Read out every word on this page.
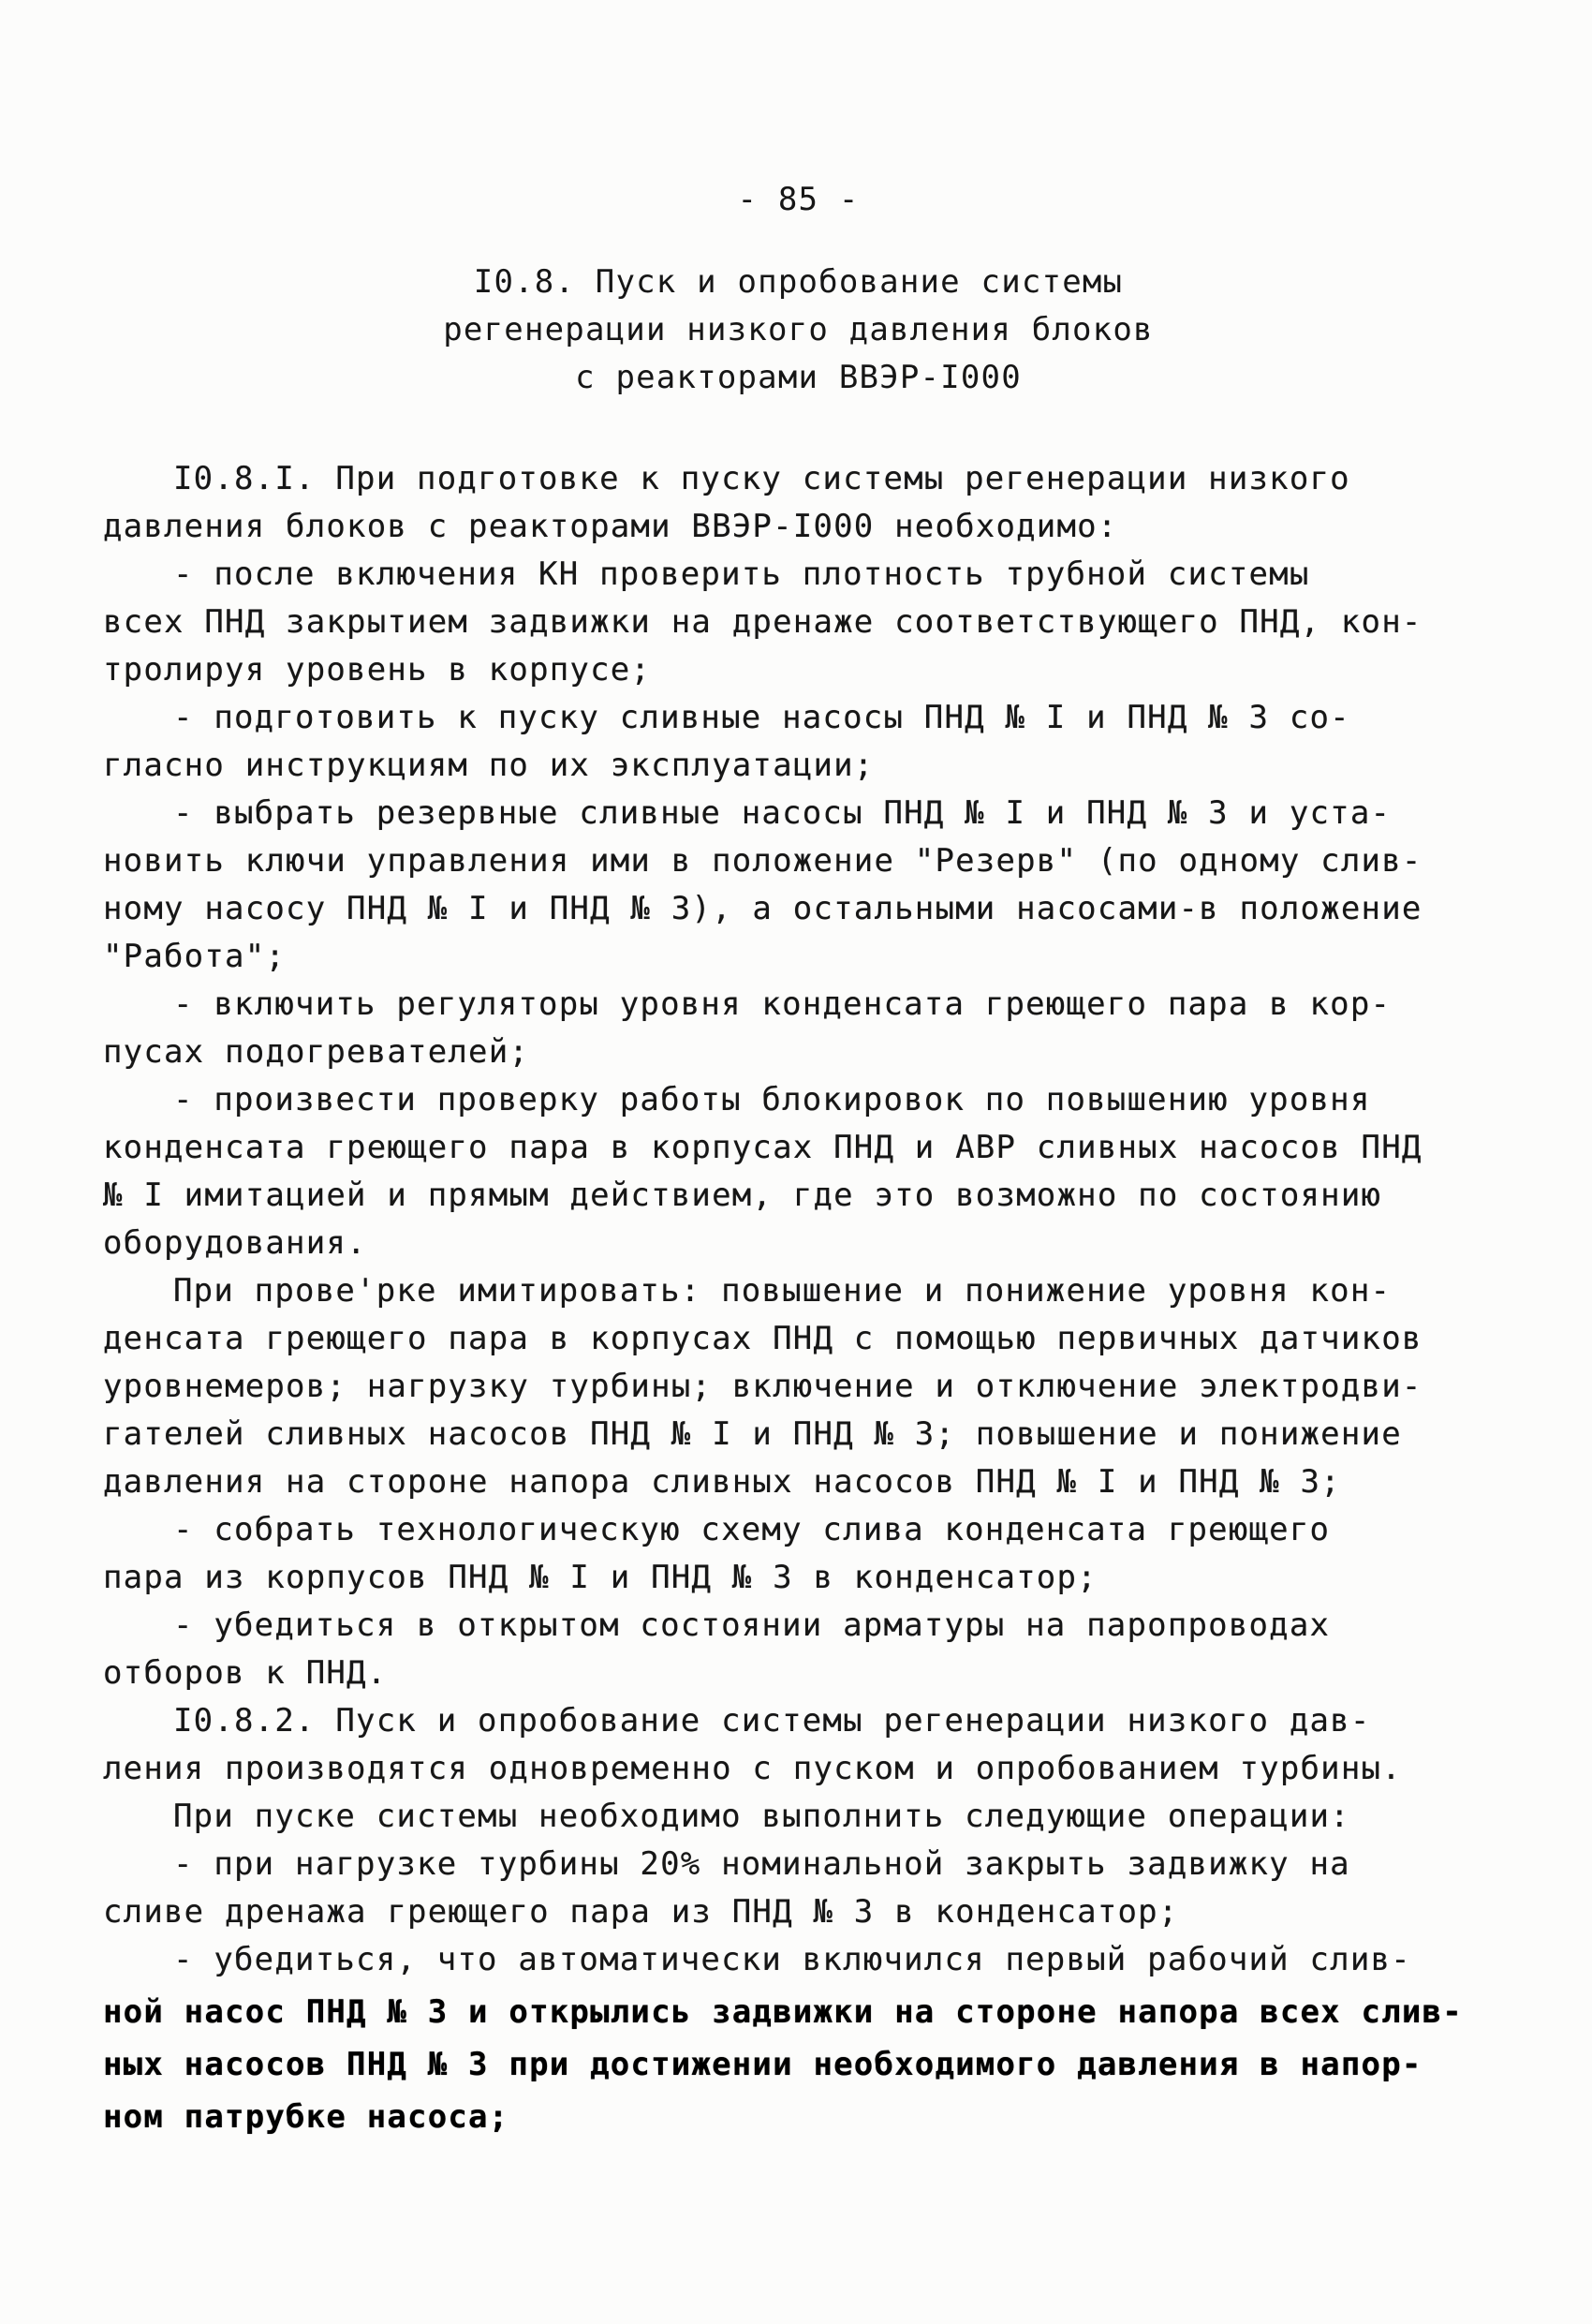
- 85 -
I0.8. Пуск и опробование системы
регенерации низкого давления блоков
с реакторами ВВЭР-I000
I0.8.I. При подготовке к пуску системы регенерации низкого
давления блоков с реакторами ВВЭР-I000 необходимо:
- после включения КН проверить плотность трубной системы
всех ПНД закрытием задвижки на дренаже соответствующего ПНД, кон-
тролируя уровень в корпусе;
- подготовить к пуску сливные насосы ПНД № I и ПНД № 3 со-
гласно инструкциям по их эксплуатации;
- выбрать резервные сливные насосы ПНД № I и ПНД № 3 и уста-
новить ключи управления ими в положение "Резерв" (по одному слив-
ному насосу ПНД № I и ПНД № 3), а остальными насосами-в положение
"Работа";
- включить регуляторы уровня конденсата греющего пара в кор-
пусах подогревателей;
- произвести проверку работы блокировок по повышению уровня
конденсата греющего пара в корпусах ПНД и АВР сливных насосов ПНД
№ I имитацией и прямым действием, где это возможно по состоянию
оборудования.
При прове'рке имитировать: повышение и понижение уровня кон-
денсата греющего пара в корпусах ПНД с помощью первичных датчиков
уровнемеров; нагрузку турбины; включение и отключение электродви-
гателей сливных насосов ПНД № I и ПНД № 3; повышение и понижение
давления на стороне напора сливных насосов ПНД № I и ПНД № 3;
- собрать технологическую схему слива конденсата греющего
пара из корпусов ПНД № I и ПНД № 3 в конденсатор;
- убедиться в открытом состоянии арматуры на паропроводах
отборов к ПНД.
I0.8.2. Пуск и опробование системы регенерации низкого дав-
ления производятся одновременно с пуском и опробованием турбины.
При пуске системы необходимо выполнить следующие операции:
- при нагрузке турбины 20% номинальной закрыть задвижку на
сливе дренажа греющего пара из ПНД № 3 в конденсатор;
- убедиться, что автоматически включился первый рабочий слив-
ной насос ПНД № 3 и открылись задвижки на стороне напора всех слив-
ных насосов ПНД № 3 при достижении необходимого давления в напор-
ном патрубке насоса;
